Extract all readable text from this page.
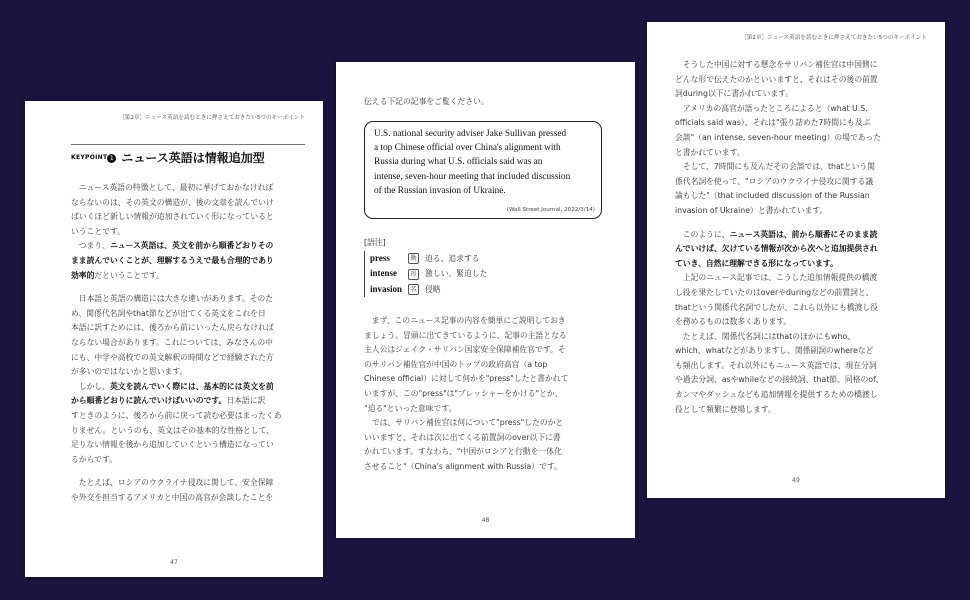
［第2章］ニュース英語を読むときに押さえておきたい5つのキーポイント
KEYPOINT 1 ニュース英語は情報追加型

ニュース英語の特徴として、最初に挙げておかなければ

ならないのは、その英文の構造が、後の文章を読んでいけ

ばいくほど新しい情報が追加されていく形になっていると

いうことです。

つまり、ニュース英語は、英文を前から順番どおりその

まま読んでいくことが、理解するうえで最も合理的であり

効率的だということです。

日本語と英語の構造には大きな違いがあります。そのた

め、関係代名詞やthat節などが出てくる英文をこれを日

本語に訳すためには、後ろから前にいったん戻らなければ

ならない場合があります。これについては、みなさんの中

にも、中学や高校での英文解釈の時間などで経験された方

が多いのではないかと思います。

しかし、英文を読んでいく際には、基本的には英文を前

から順番どおりに読んでいけばいいのです。日本語に訳

すときのように、後ろから前に戻って読む必要はまったくあ

りません。というのも、英文はその基本的な性格として、

足りない情報を後から追加していくという構造になってい

るからです。

たとえば、ロシアのウクライナ侵攻に関して、安全保障

や外交を担当するアメリカと中国の高官が会談したことを

47
伝える下記の記事をご覧ください。
U.S. national security adviser Jake Sullivan pressed
a top Chinese official over China's alignment with
Russia during what U.S. officials said was an
intense, seven-hour meeting that included discussion
of the Russian invasion of Ukraine.
(Wall Street Journal, 2022/3/14)
[語注]
press	動 迫る、追求する
intense 形 激しい、緊迫した
invasion 名 侵略

まず、このニュース記事の内容を簡単にご説明しておき

ましょう。冒頭に出てきているように、記事の主語となる

主人公はジェイク・サリバン国家安全保障補佐官です。そ

のサリバン補佐官が中国のトップの政府高官（a top

Chinese official）に対して何かを"press"したと書かれて

いますが、この"press"は"プレッシャーをかける"とか、

"迫る"といった意味です。

では、サリバン補佐官は何について"press"したのかと

いいますと、それは次に出てくる前置詞のover以下に書

かれています。すなわち、"中国がロシアと行動を一体化

させること"（China's alignment with Russia）です。

48
［第2章］ニュース英語を読むときに押さえておきたい5つのキーポイント

そうした中国に対する懸念をサリバン補佐官は中国側に

どんな形で伝えたのかといいますと、それはその後の前置

詞during以下に書かれています。

アメリカの高官が語ったところによると（what U.S.

officials said was）、それは"張り詰めた7時間にも及ぶ

会談"（an intense, seven-hour meeting）の場であった

と書かれています。

そして、7時間にも及んだその会談では、thatという関

係代名詞を使って、"ロシアのウクライナ侵攻に関する議

論もした"（that included discussion of the Russian

invasion of Ukraine）と書かれています。

このように、ニュース英語は、前から順番にそのまま読

んでいけば、欠けている情報が次から次へと追加提供され

ていき、自然に理解できる形になっています。

上記のニュース記事では、こうした追加情報提供の橋渡

し役を果たしていたのはoverやduringなどの前置詞と、

thatという関係代名詞でしたが、これら以外にも橋渡し役

を務めるものは数多くあります。

たとえば、関係代名詞にはthatのほかにもwho、

which、whatなどがありますし、関係副詞のwhereなど

も頻出します。それ以外にもニュース英語では、現在分詞

や過去分詞、asやwhileなどの接続詞、that節、同格のof、

カンマやダッシュなども追加情報を提供するための橋渡し

役として頻繁に登場します。

49
